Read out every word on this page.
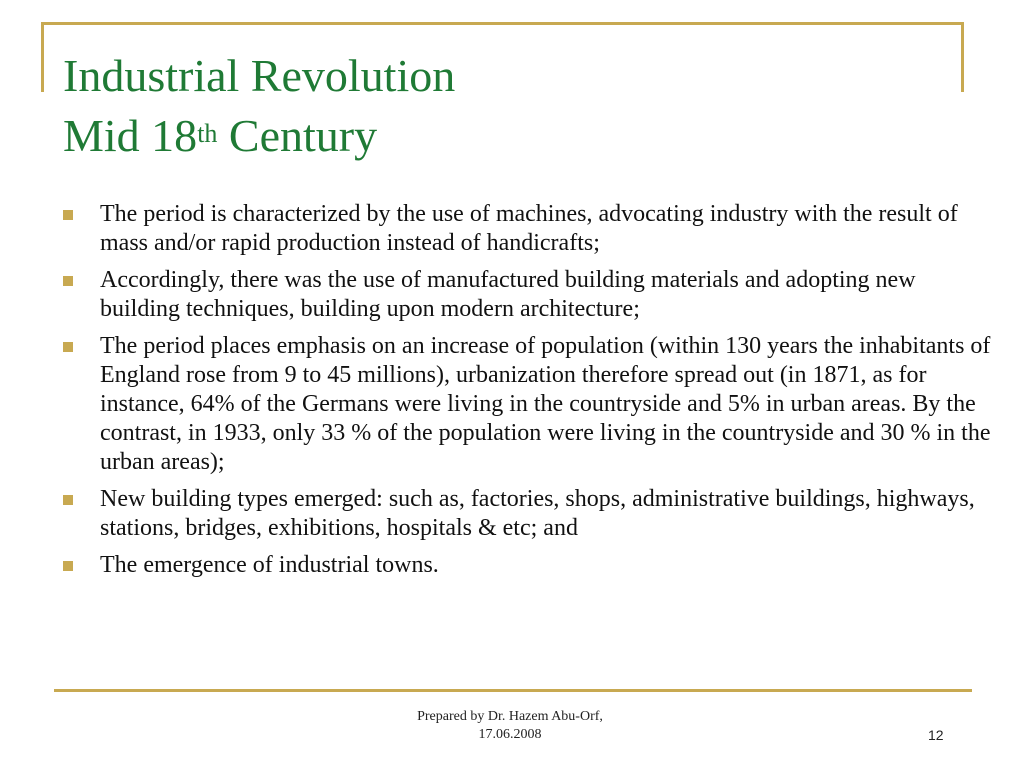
Industrial Revolution
Mid 18th Century
The period is characterized by the use of machines, advocating industry with the result of mass and/or rapid production instead of handicrafts;
Accordingly, there was the use of manufactured building materials and adopting new building techniques, building upon modern architecture;
The period places emphasis on an increase of population (within 130 years the inhabitants of England rose from 9 to 45 millions), urbanization therefore spread out (in 1871, as for instance, 64% of the Germans were living in the countryside and 5% in urban areas. By the contrast, in 1933, only 33 % of the population were living in the countryside and 30 % in the urban areas);
New building types emerged: such as, factories, shops, administrative buildings, highways, stations, bridges, exhibitions, hospitals & etc; and
The emergence of industrial towns.
Prepared by Dr. Hazem Abu-Orf,
17.06.2008	12
